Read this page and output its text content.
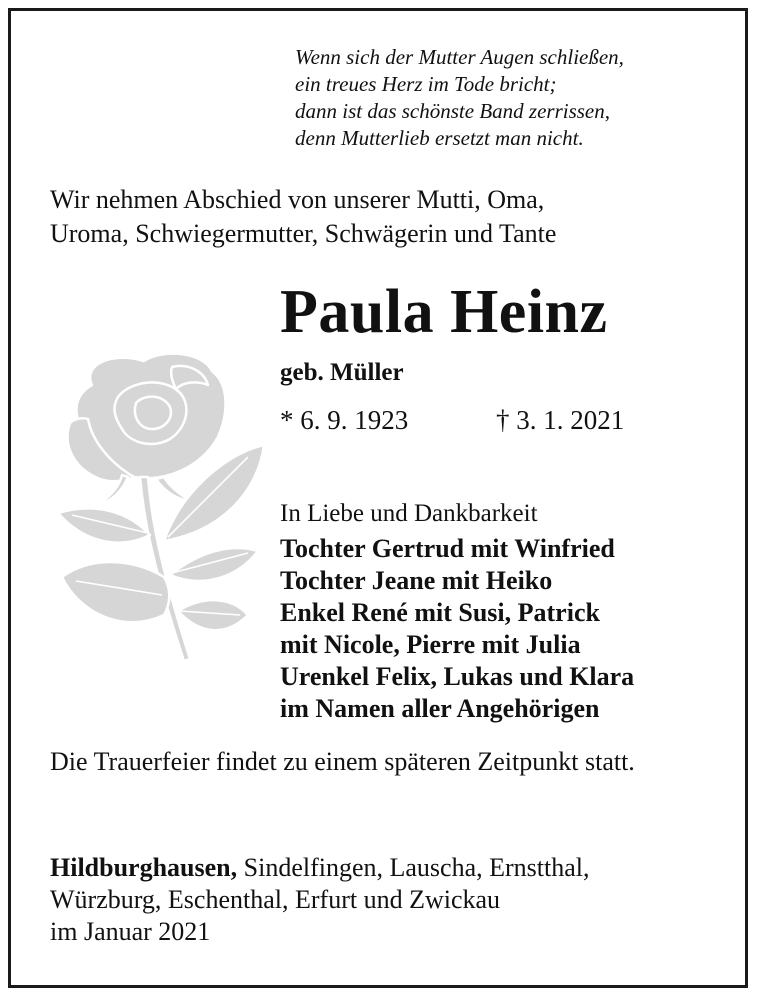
Wenn sich der Mutter Augen schließen,
ein treues Herz im Tode bricht;
dann ist das schönste Band zerrissen,
denn Mutterlieb ersetzt man nicht.
Wir nehmen Abschied von unserer Mutti, Oma,
Uroma, Schwiegermutter, Schwägerin und Tante
Paula Heinz
geb. Müller
* 6. 9. 1923	† 3. 1. 2021
In Liebe und Dankbarkeit
Tochter Gertrud mit Winfried
Tochter Jeane mit Heiko
Enkel René mit Susi, Patrick
mit Nicole, Pierre mit Julia
Urenkel Felix, Lukas und Klara
im Namen aller Angehörigen
Die Trauerfeier findet zu einem späteren Zeitpunkt statt.
Hildburghausen, Sindelfingen, Lauscha, Ernstthal,
Würzburg, Eschenthal, Erfurt und Zwickau
im Januar 2021
